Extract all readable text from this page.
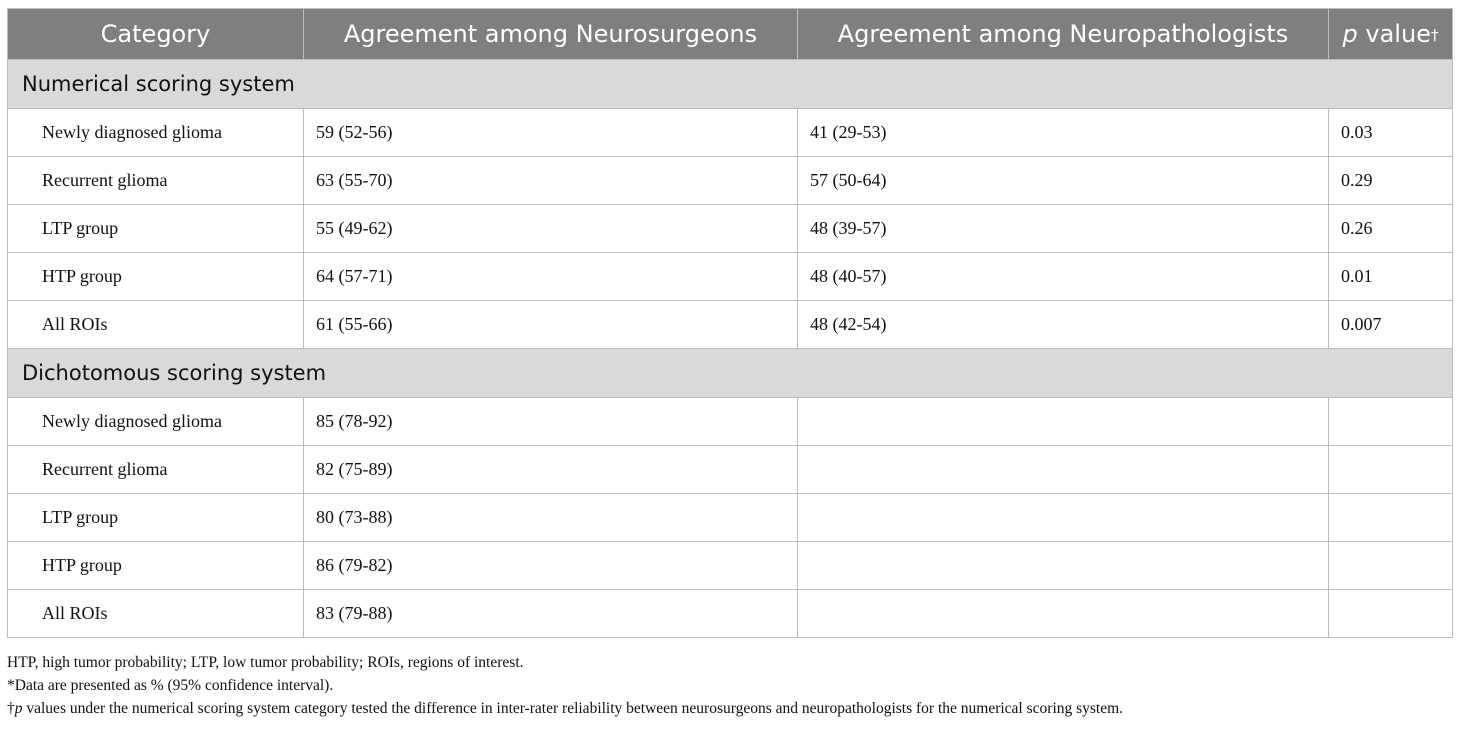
Category	Agreement among Neurosurgeons	Agreement among Neuropathologists	p value†
Numerical scoring system			
Newly diagnosed glioma	59 (52-56)	41 (29-53)	0.03
Recurrent glioma	63 (55-70)	57 (50-64)	0.29
LTP group	55 (49-62)	48 (39-57)	0.26
HTP group	64 (57-71)	48 (40-57)	0.01
All ROIs	61 (55-66)	48 (42-54)	0.007
Dichotomous scoring system			
Newly diagnosed glioma	85 (78-92)		
Recurrent glioma	82 (75-89)		
LTP group	80 (73-88)		
HTP group	86 (79-82)		
All ROIs	83 (79-88)		
HTP, high tumor probability; LTP, low tumor probability; ROIs, regions of interest.
*Data are presented as % (95% confidence interval).
†p values under the numerical scoring system category tested the difference in inter-rater reliability between neurosurgeons and neuropathologists for the numerical scoring system.
